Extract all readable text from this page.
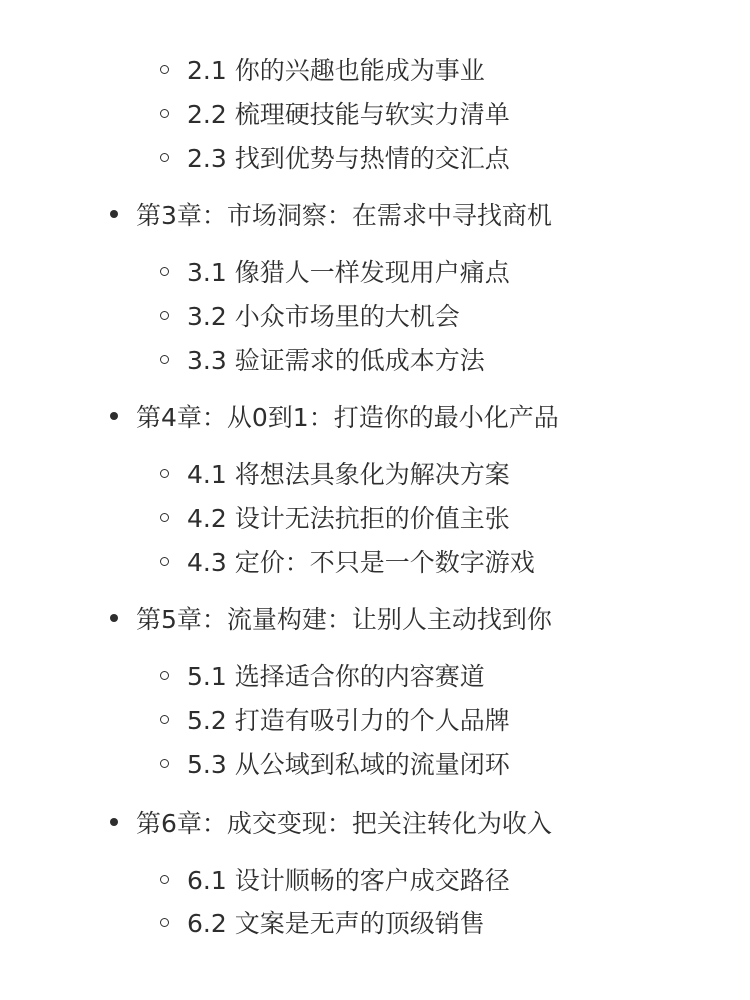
2.1 你的兴趣也能成为事业
2.2 梳理硬技能与软实力清单
2.3 找到优势与热情的交汇点
第3章：市场洞察：在需求中寻找商机
3.1 像猎人一样发现用户痛点
3.2 小众市场里的大机会
3.3 验证需求的低成本方法
第4章：从0到1：打造你的最小化产品
4.1 将想法具象化为解决方案
4.2 设计无法抗拒的价值主张
4.3 定价：不只是一个数字游戏
第5章：流量构建：让别人主动找到你
5.1 选择适合你的内容赛道
5.2 打造有吸引力的个人品牌
5.3 从公域到私域的流量闭环
第6章：成交变现：把关注转化为收入
6.1 设计顺畅的客户成交路径
6.2 文案是无声的顶级销售
